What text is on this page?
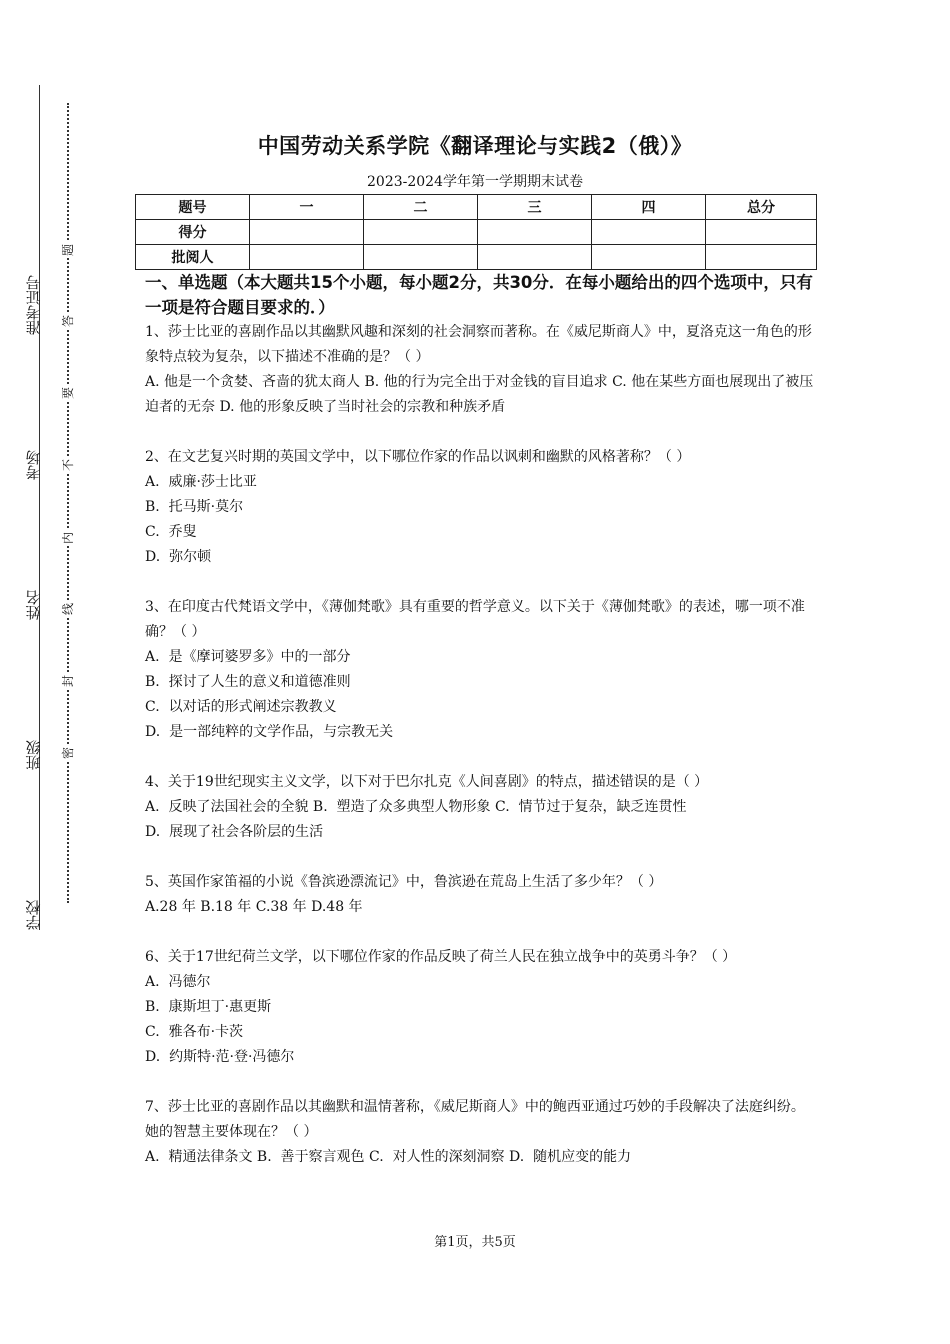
准考证号
考场
姓名
班级
学校
题
答
要
不
内
线
封
密
中国劳动关系学院《翻译理论与实践2（俄）》
2023-2024学年第一学期期末试卷
题号	一	二	三	四	总分
得分					
批阅人					
一、单选题（本大题共15个小题，每小题2分，共30分．在每小题给出的四个选项中，只有一项是符合题目要求的．）

1、莎士比亚的喜剧作品以其幽默风趣和深刻的社会洞察而著称。在《威尼斯商人》中，夏洛克这一角色的形象特点较为复杂，以下描述不准确的是？（ ）

A. 他是一个贪婪、吝啬的犹太商人 B. 他的行为完全出于对金钱的盲目追求 C. 他在某些方面也展现出了被压迫者的无奈 D. 他的形象反映了当时社会的宗教和种族矛盾

2、在文艺复兴时期的英国文学中，以下哪位作家的作品以讽刺和幽默的风格著称？（ ）

A.  威廉·莎士比亚

B.  托马斯·莫尔

C.  乔叟

D.  弥尔顿

3、在印度古代梵语文学中，《薄伽梵歌》具有重要的哲学意义。以下关于《薄伽梵歌》的表述，哪一项不准确？（ ）

A.  是《摩诃婆罗多》中的一部分

B.  探讨了人生的意义和道德准则

C.  以对话的形式阐述宗教教义

D.  是一部纯粹的文学作品，与宗教无关

4、关于19世纪现实主义文学，以下对于巴尔扎克《人间喜剧》的特点，描述错误的是（ ）

A.  反映了法国社会的全貌 B.  塑造了众多典型人物形象 C.  情节过于复杂，缺乏连贯性

D.  展现了社会各阶层的生活

5、英国作家笛福的小说《鲁滨逊漂流记》中，鲁滨逊在荒岛上生活了多少年？（ ）

A.28 年 B.18 年 C.38 年 D.48 年

6、关于17世纪荷兰文学，以下哪位作家的作品反映了荷兰人民在独立战争中的英勇斗争？（ ）

A.  冯德尔

B.  康斯坦丁·惠更斯

C.  雅各布·卡茨

D.  约斯特·范·登·冯德尔

7、莎士比亚的喜剧作品以其幽默和温情著称，《威尼斯商人》中的鲍西亚通过巧妙的手段解决了法庭纠纷。她的智慧主要体现在？（ ）

A.  精通法律条文 B.  善于察言观色 C.  对人性的深刻洞察 D.  随机应变的能力

第1页，共5页
